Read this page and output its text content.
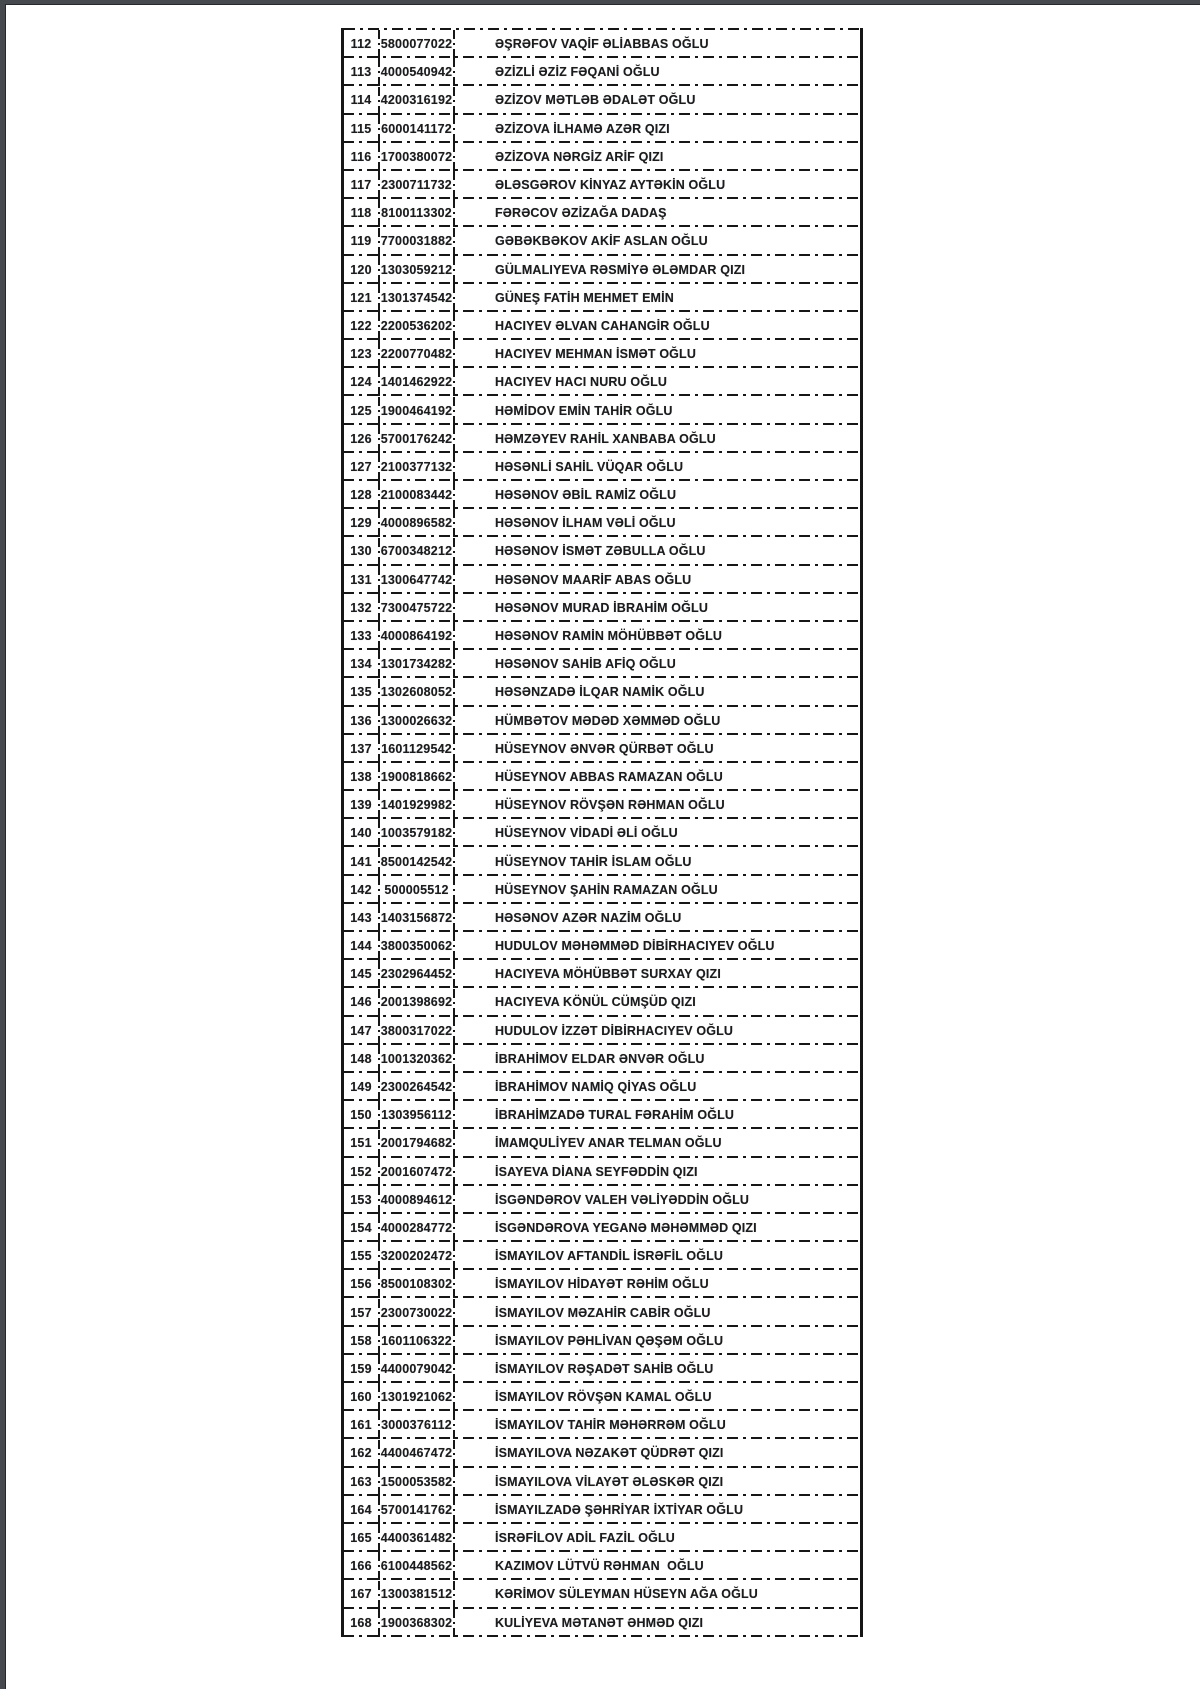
112 5800077022	ƏŞRƏFOV VAQİF ƏLİABBAS OĞLU
113 4000540942	ƏZİZLİ ƏZİZ FƏQANİ OĞLU
114 4200316192	ƏZİZOV MƏTLƏB ƏDALƏT OĞLU
115 6000141172	ƏZİZOVA İLHAMƏ AZƏR QIZI
116 1700380072	ƏZİZOVA NƏRGİZ ARİF QIZI
117 2300711732	ƏLƏSGƏROV KİNYAZ AYTƏKİN OĞLU
118 8100113302	FƏRƏCOV ƏZİZAĞA DADAŞ
119 7700031882	GƏBƏKBƏKOV AKİF ASLAN OĞLU
120 1303059212	GÜLMALIYEVA RƏSMİYƏ ƏLƏMDAR QIZI
121 1301374542	GÜNEŞ FATİH MEHMET EMİN
122 2200536202	HACIYEV ƏLVAN CAHANGİR OĞLU
123 2200770482	HACIYEV MEHMAN İSMƏT OĞLU
124 1401462922	HACIYEV HACI NURU OĞLU
125 1900464192	HƏMİDOV EMİN TAHİR OĞLU
126 5700176242	HƏMZƏYEV RAHİL XANBABA OĞLU
127 2100377132	HƏSƏNLİ SAHİL VÜQAR OĞLU
128 2100083442	HƏSƏNOV ƏBİL RAMİZ OĞLU
129 4000896582	HƏSƏNOV İLHAM VƏLİ OĞLU
130 6700348212	HƏSƏNOV İSMƏT ZƏBULLA OĞLU
131 1300647742	HƏSƏNOV MAARİF ABAS OĞLU
132 7300475722	HƏSƏNOV MURAD İBRAHİM OĞLU
133 4000864192	HƏSƏNOV RAMİN MÖHÜBBƏT OĞLU
134 1301734282	HƏSƏNOV SAHİB AFİQ OĞLU
135 1302608052	HƏSƏNZADƏ İLQAR NAMİK OĞLU
136 1300026632	HÜMBƏTOV MƏDƏD XƏMMƏD OĞLU
137 1601129542	HÜSEYNOV ƏNVƏR QÜRBƏT OĞLU
138 1900818662	HÜSEYNOV ABBAS RAMAZAN OĞLU
139 1401929982	HÜSEYNOV RÖVŞƏN RƏHMAN OĞLU
140 1003579182	HÜSEYNOV VİDADİ ƏLİ OĞLU
141 8500142542	HÜSEYNOV TAHİR İSLAM OĞLU
142	500005512	HÜSEYNOV ŞAHİN RAMAZAN OĞLU
143 1403156872	HƏSƏNOV AZƏR NAZİM OĞLU
144 3800350062	HUDULOV MƏHƏMMƏD DİBİRHACIYEV OĞLU
145 2302964452	HACIYEVA MÖHÜBBƏT SURXAY QIZI
146 2001398692	HACIYEVA KÖNÜL CÜMŞÜD QIZI
147 3800317022	HUDULOV İZZƏT DİBİRHACIYEV OĞLU
148 1001320362	İBRAHİMOV ELDAR ƏNVƏR OĞLU
149 2300264542	İBRAHİMOV NAMİQ QİYAS OĞLU
150 1303956112	İBRAHİMZADƏ TURAL FƏRAHİM OĞLU
151 2001794682	İMAMQULİYEV ANAR TELMAN OĞLU
152 2001607472	İSAYEVA DİANA SEYFƏDDİN QIZI
153 4000894612	İSGƏNDƏROV VALEH VƏLİYƏDDİN OĞLU
154 4000284772	İSGƏNDƏROVA YEGANƏ MƏHƏMMƏD QIZI
155 3200202472	İSMAYILOV AFTANDİL İSRƏFİL OĞLU
156 8500108302	İSMAYILOV HİDAYƏT RƏHİM OĞLU
157 2300730022	İSMAYILOV MƏZAHİR CABİR OĞLU
158 1601106322	İSMAYILOV PƏHLİVAN QƏŞƏM OĞLU
159 4400079042	İSMAYILOV RƏŞADƏT SAHİB OĞLU
160 1301921062	İSMAYILOV RÖVŞƏN KAMAL OĞLU
161 3000376112	İSMAYILOV TAHİR MƏHƏRRƏM OĞLU
162 4400467472	İSMAYILOVA NƏZAKƏT QÜDRƏT QIZI
163 1500053582	İSMAYILOVA VİLAYƏT ƏLƏSKƏR QIZI
164 5700141762	İSMAYILZADƏ ŞƏHRİYAR İXTİYAR OĞLU
165 4400361482	İSRƏFİLOV ADİL FAZİL OĞLU
166 6100448562	KAZIMOV LÜTVÜ RƏHMAN  OĞLU
167 1300381512	KƏRİMOV SÜLEYMAN HÜSEYN AĞA OĞLU
168 1900368302	KULİYEVA MƏTANƏT ƏHMƏD QIZI
